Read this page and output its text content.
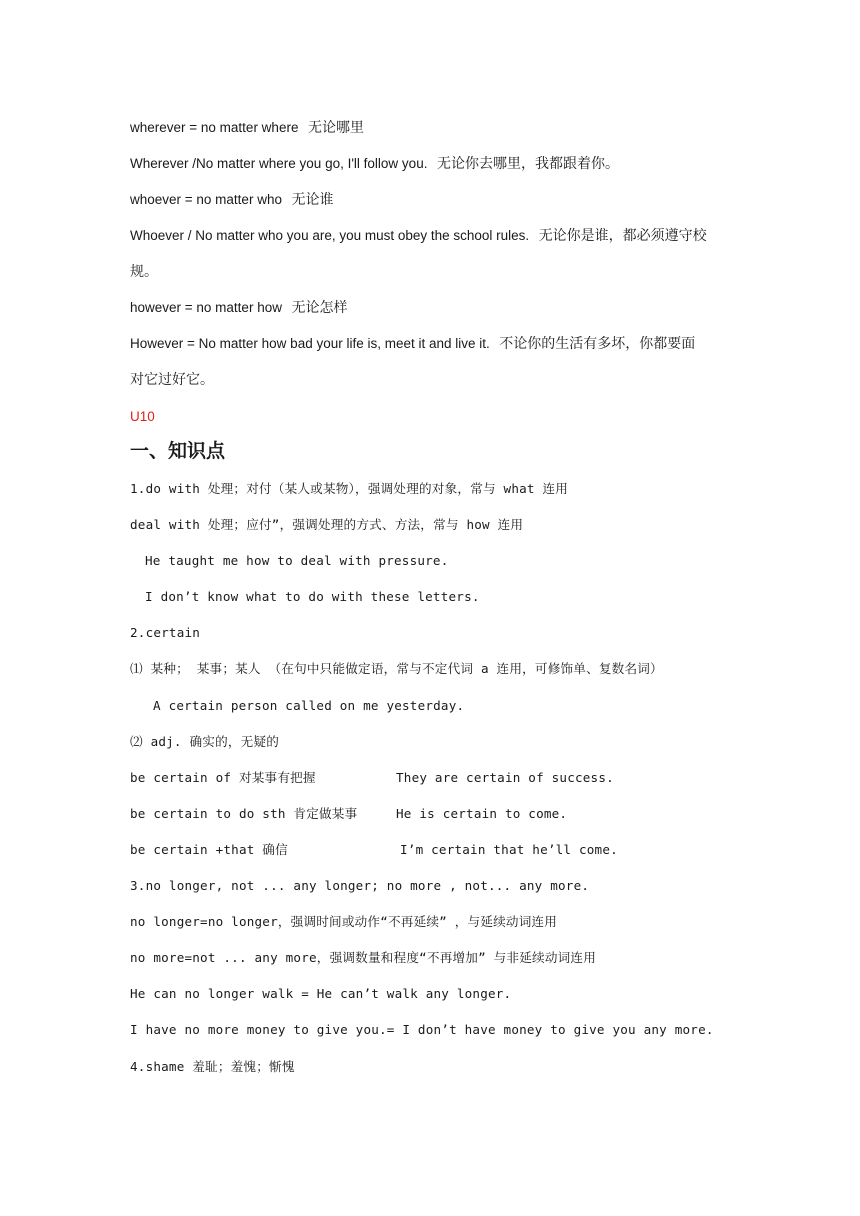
wherever = no matter where 无论哪里
Wherever /No matter where you go, I'll follow you. 无论你去哪里，我都跟着你。
whoever = no matter who 无论谁
Whoever / No matter who you are, you must obey the school rules. 无论你是谁，都必须遵守校
规。
however = no matter how 无论怎样
However = No matter how bad your life is, meet it and live it. 不论你的生活有多坏，你都要面
对它过好它。
U10
一、知识点
1.do with 处理；对付（某人或某物），强调处理的对象，常与 what 连用
deal with 处理；应付”，强调处理的方式、方法，常与 how 连用
He taught me how to deal with pressure.
I don’t know what to do with these letters.
2.certain
⑴ 某种； 某事；某人 （在句中只能做定语，常与不定代词 a 连用，可修饰单、复数名词）
A certain person called on me yesterday.
⑵ adj. 确实的，无疑的
be certain of 对某事有把握	They are certain of success.
be certain to do sth 肯定做某事	He is certain to come.
be certain +that 确信	I’m certain that he’ll come.
3.no longer, not ... any longer; no more , not... any more.
no longer=no longer，强调时间或动作“不再延续” ，与延续动词连用
no more=not ... any more，强调数量和程度“不再增加” 与非延续动词连用
He can no longer walk = He can’t walk any longer.
I have no more money to give you.= I don’t have money to give you any more.
4.shame 羞耻；羞愧；惭愧
